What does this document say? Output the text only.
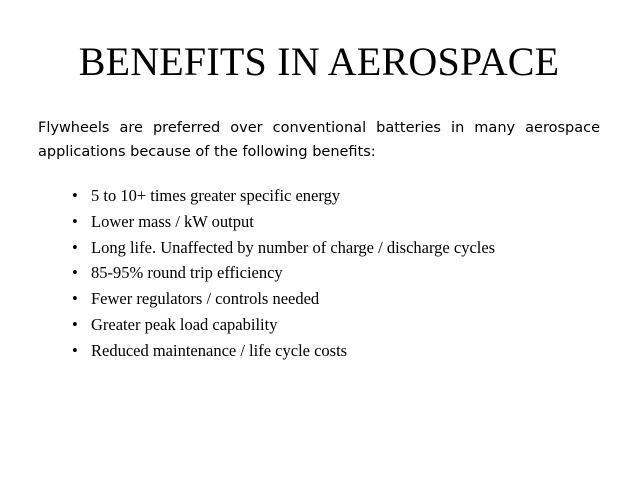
BENEFITS IN AEROSPACE
Flywheels are preferred over conventional batteries in many aerospace applications because of the following benefits:
• 5 to 10+ times greater specific energy
• Lower mass / kW output
• Long life. Unaffected by number of charge / discharge cycles
• 85-95% round trip efficiency
• Fewer regulators / controls needed
• Greater peak load capability
• Reduced maintenance / life cycle costs
